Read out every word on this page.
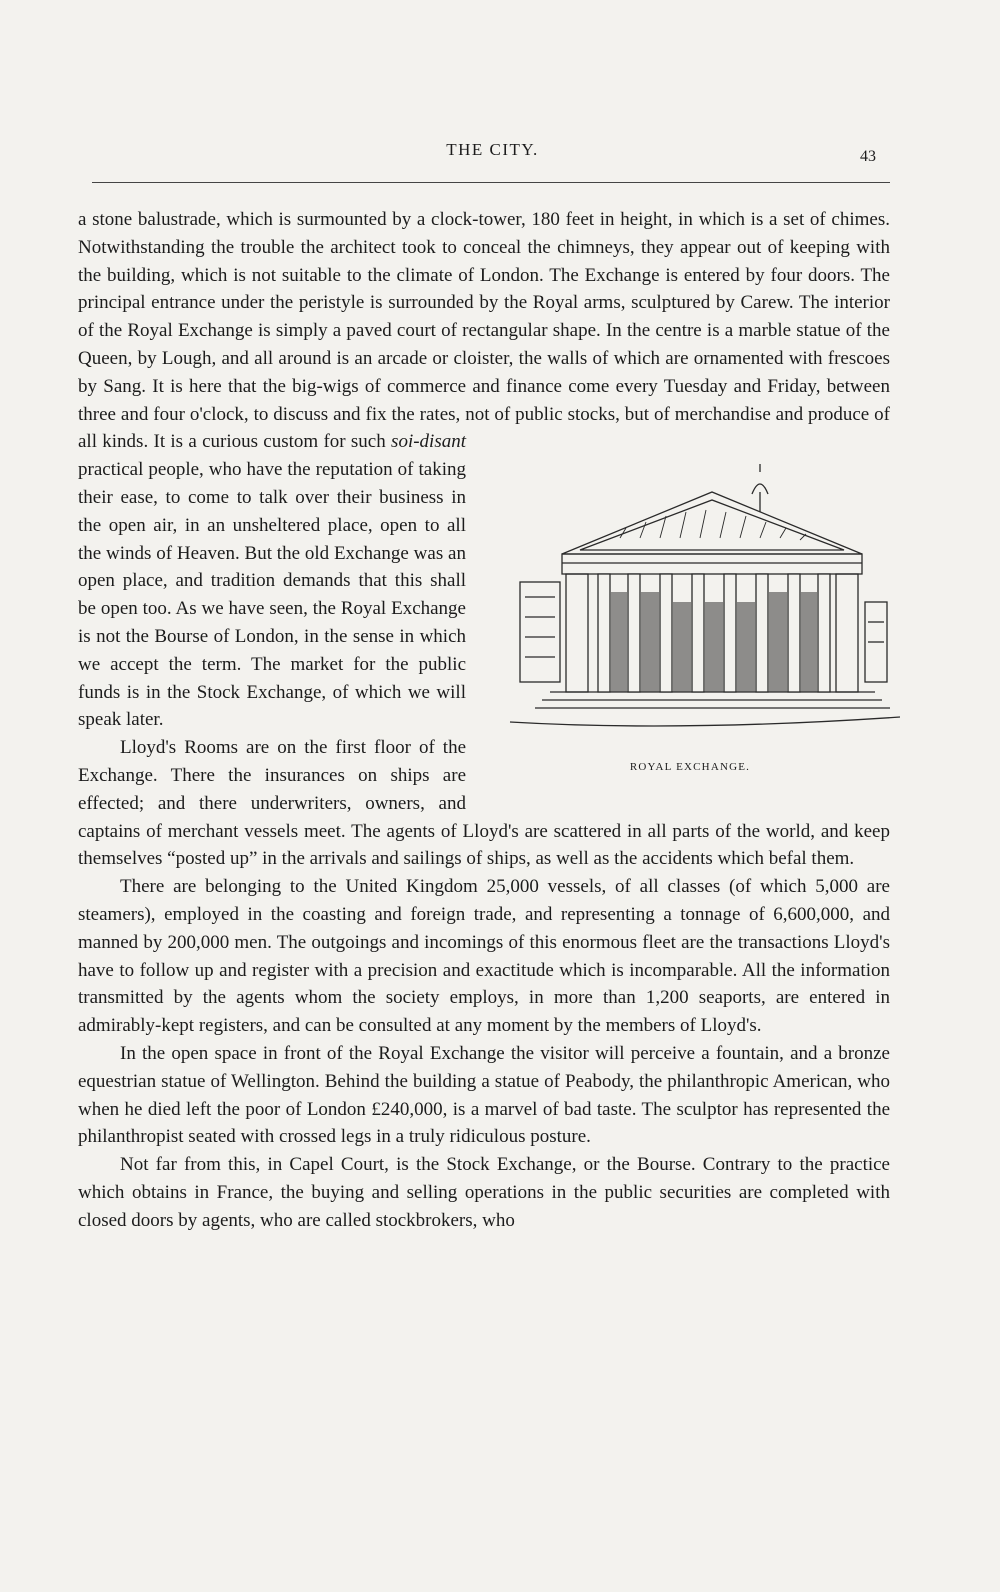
THE CITY.	43

a stone balustrade, which is surmounted by a clock-tower, 180 feet in height, in which is a set of chimes. Notwithstanding the trouble the architect took to conceal the chimneys, they appear out of keeping with the building, which is not suitable to the climate of London. The Exchange is entered by four doors. The principal entrance under the peristyle is surrounded by the Royal arms, sculptured by Carew. The interior of the Royal Exchange is simply a paved court of rectangular shape. In the centre is a marble statue of the Queen, by Lough, and all around is an arcade or cloister, the walls of which are ornamented with frescoes by Sang. It is here that the big-wigs of commerce and finance come every Tuesday and Friday, between three and four o'clock, to discuss and fix the rates, not of public stocks, but of merchandise and produce of all kinds. It is a curious custom for such
ROYAL EXCHANGE.
soi-disant practical people, who have the reputation of taking their ease, to come to talk over their business in the open air, in an unsheltered place, open to all the winds of Heaven. But the old Exchange was an open place, and tradition demands that this shall be open too. As we have seen, the Royal Exchange is not the Bourse of London, in the sense in which we accept the term. The market for the public funds is in the Stock Exchange, of which we will speak later.

Lloyd's Rooms are on the first floor of the Exchange. There the insurances on ships are effected; and there underwriters, owners, and captains of merchant vessels meet. The agents of Lloyd's are scattered in all parts of the world, and keep themselves “posted up” in the arrivals and sailings of ships, as well as the accidents which befal them.

There are belonging to the United Kingdom 25,000 vessels, of all classes (of which 5,000 are steamers), employed in the coasting and foreign trade, and representing a tonnage of 6,600,000, and manned by 200,000 men. The outgoings and incomings of this enormous fleet are the transactions Lloyd's have to follow up and register with a precision and exactitude which is incomparable. All the information transmitted by the agents whom the society employs, in more than 1,200 seaports, are entered in admirably-kept registers, and can be consulted at any moment by the members of Lloyd's.

In the open space in front of the Royal Exchange the visitor will perceive a fountain, and a bronze equestrian statue of Wellington. Behind the building a statue of Peabody, the philanthropic American, who when he died left the poor of London £240,000, is a marvel of bad taste. The sculptor has represented the philanthropist seated with crossed legs in a truly ridiculous posture.

Not far from this, in Capel Court, is the Stock Exchange, or the Bourse. Contrary to the practice which obtains in France, the buying and selling operations in the public securities are completed with closed doors by agents, who are called stockbrokers, who
